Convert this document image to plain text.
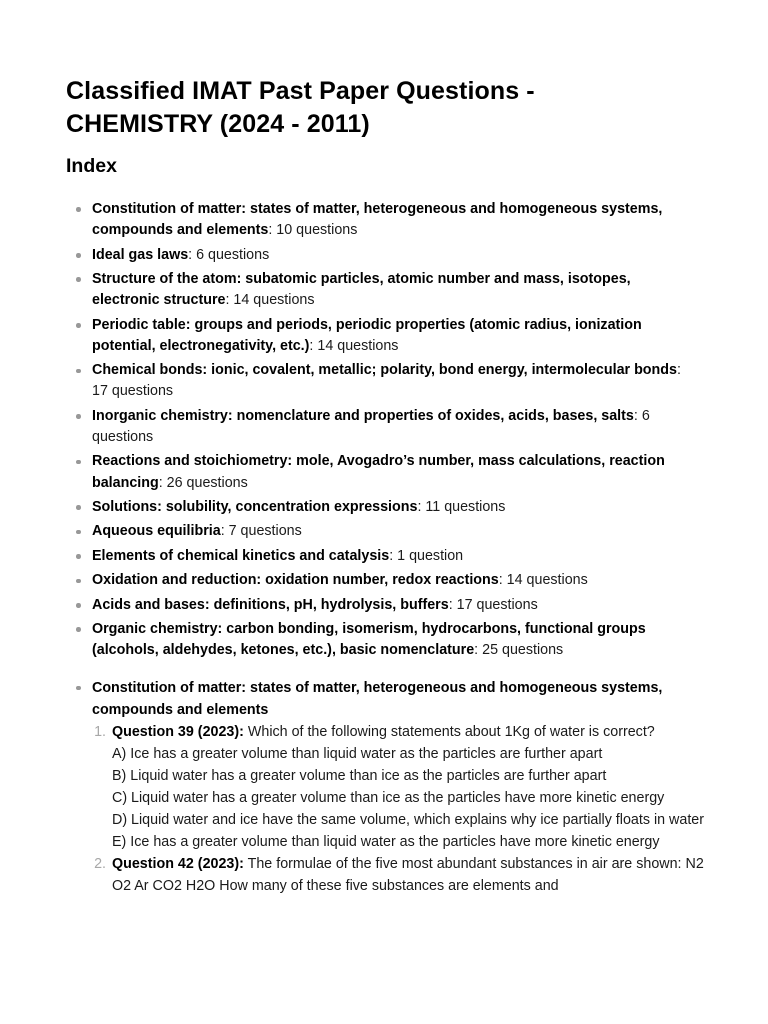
Classified IMAT Past Paper Questions - CHEMISTRY (2024 - 2011)
Index
Constitution of matter: states of matter, heterogeneous and homogeneous systems, compounds and elements: 10 questions
Ideal gas laws: 6 questions
Structure of the atom: subatomic particles, atomic number and mass, isotopes, electronic structure: 14 questions
Periodic table: groups and periods, periodic properties (atomic radius, ionization potential, electronegativity, etc.): 14 questions
Chemical bonds: ionic, covalent, metallic; polarity, bond energy, intermolecular bonds: 17 questions
Inorganic chemistry: nomenclature and properties of oxides, acids, bases, salts: 6 questions
Reactions and stoichiometry: mole, Avogadro’s number, mass calculations, reaction balancing: 26 questions
Solutions: solubility, concentration expressions: 11 questions
Aqueous equilibria: 7 questions
Elements of chemical kinetics and catalysis: 1 question
Oxidation and reduction: oxidation number, redox reactions: 14 questions
Acids and bases: definitions, pH, hydrolysis, buffers: 17 questions
Organic chemistry: carbon bonding, isomerism, hydrocarbons, functional groups (alcohols, aldehydes, ketones, etc.), basic nomenclature: 25 questions
Constitution of matter: states of matter, heterogeneous and homogeneous systems, compounds and elements
1. Question 39 (2023): Which of the following statements about 1Kg of water is correct?

A) Ice has a greater volume than liquid water as the particles are further apart
B) Liquid water has a greater volume than ice as the particles are further apart
C) Liquid water has a greater volume than ice as the particles have more kinetic energy
D) Liquid water and ice have the same volume, which explains why ice partially floats in water
E) Ice has a greater volume than liquid water as the particles have more kinetic energy
2. Question 42 (2023): The formulae of the five most abundant substances in air are shown: N2 O2 Ar CO2 H2O How many of these five substances are elements and
